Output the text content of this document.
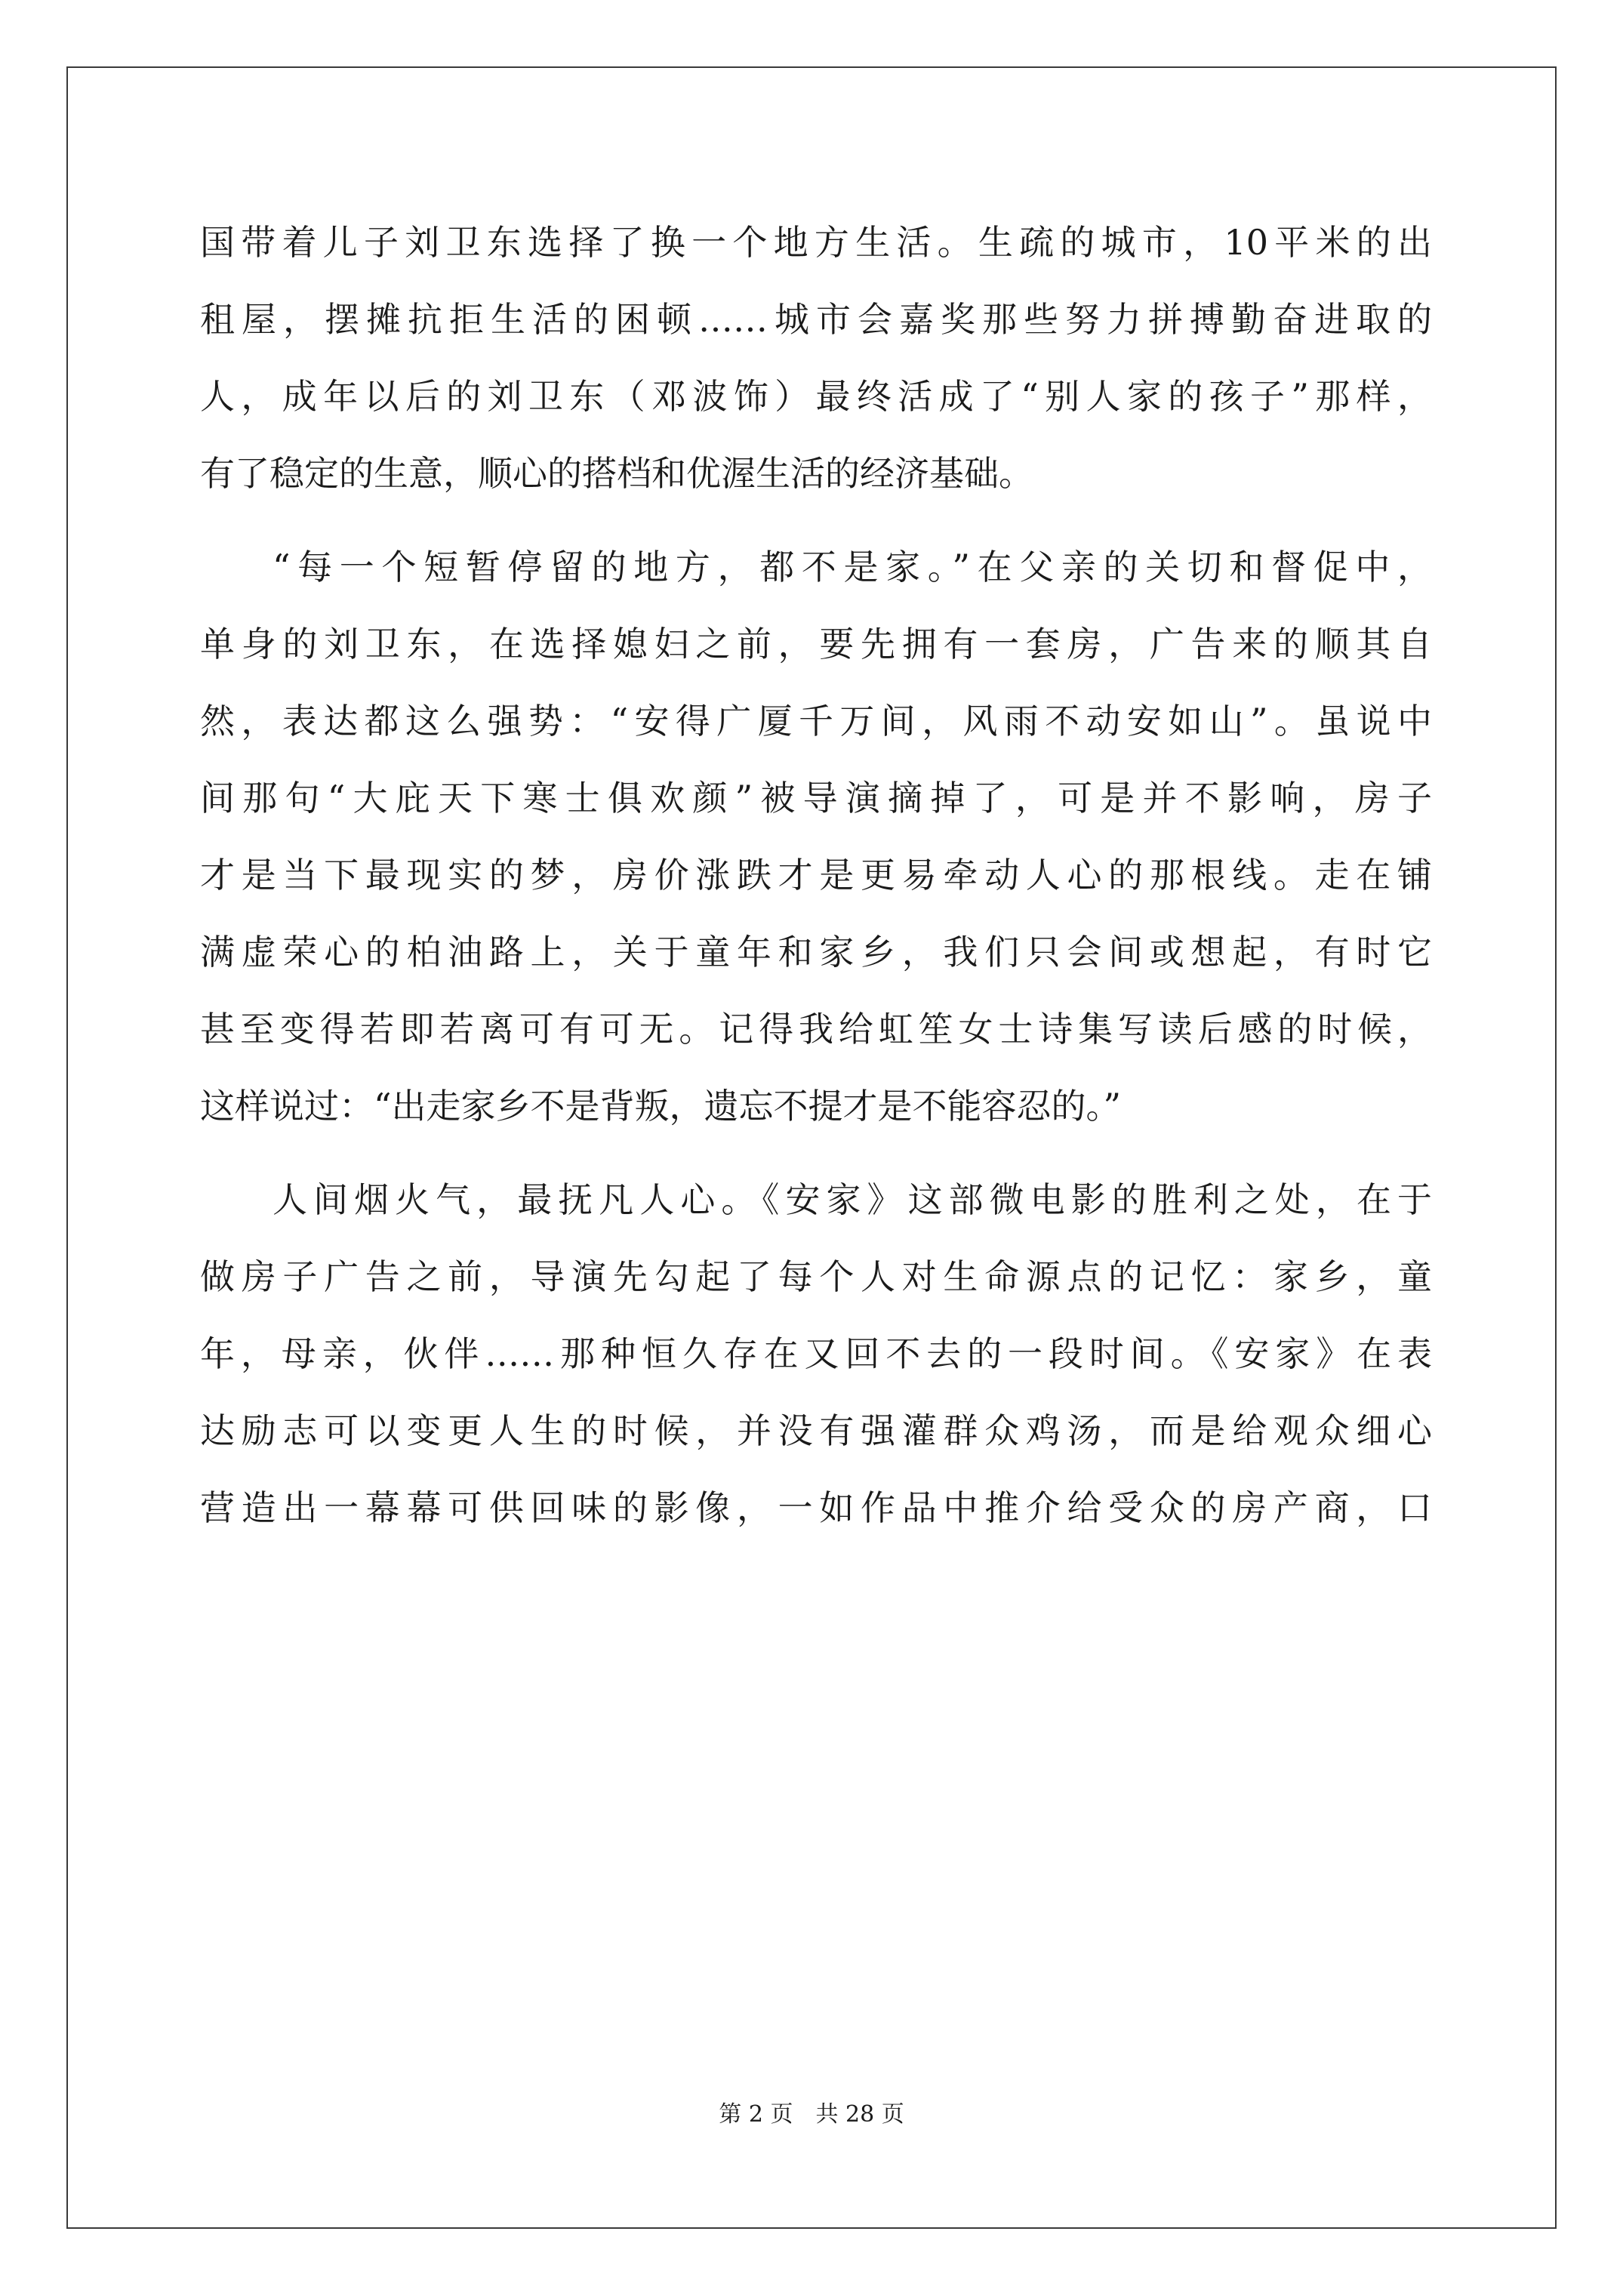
国带着儿子刘卫东选择了换一个地方生活。生疏的城市，10平米的出
租屋，摆摊抗拒生活的困顿……城市会嘉奖那些努力拼搏勤奋进取的
人，成年以后的刘卫东（邓波饰）最终活成了“别人家的孩子”那样，
有了稳定的生意，顺心的搭档和优渥生活的经济基础。
“每一个短暂停留的地方，都不是家。”在父亲的关切和督促中，
单身的刘卫东，在选择媳妇之前，要先拥有一套房，广告来的顺其自
然，表达都这么强势：“安得广厦千万间，风雨不动安如山”。虽说中
间那句“大庇天下寒士俱欢颜”被导演摘掉了，可是并不影响，房子
才是当下最现实的梦，房价涨跌才是更易牵动人心的那根线。走在铺
满虚荣心的柏油路上，关于童年和家乡，我们只会间或想起，有时它
甚至变得若即若离可有可无。记得我给虹笙女士诗集写读后感的时候，
这样说过：“出走家乡不是背叛，遗忘不提才是不能容忍的。”
人间烟火气，最抚凡人心。《安家》这部微电影的胜利之处，在于
做房子广告之前，导演先勾起了每个人对生命源点的记忆：家乡，童
年，母亲，伙伴……那种恒久存在又回不去的一段时间。《安家》在表
达励志可以变更人生的时候，并没有强灌群众鸡汤，而是给观众细心
营造出一幕幕可供回味的影像，一如作品中推介给受众的房产商，口
第 2 页　共 28 页
